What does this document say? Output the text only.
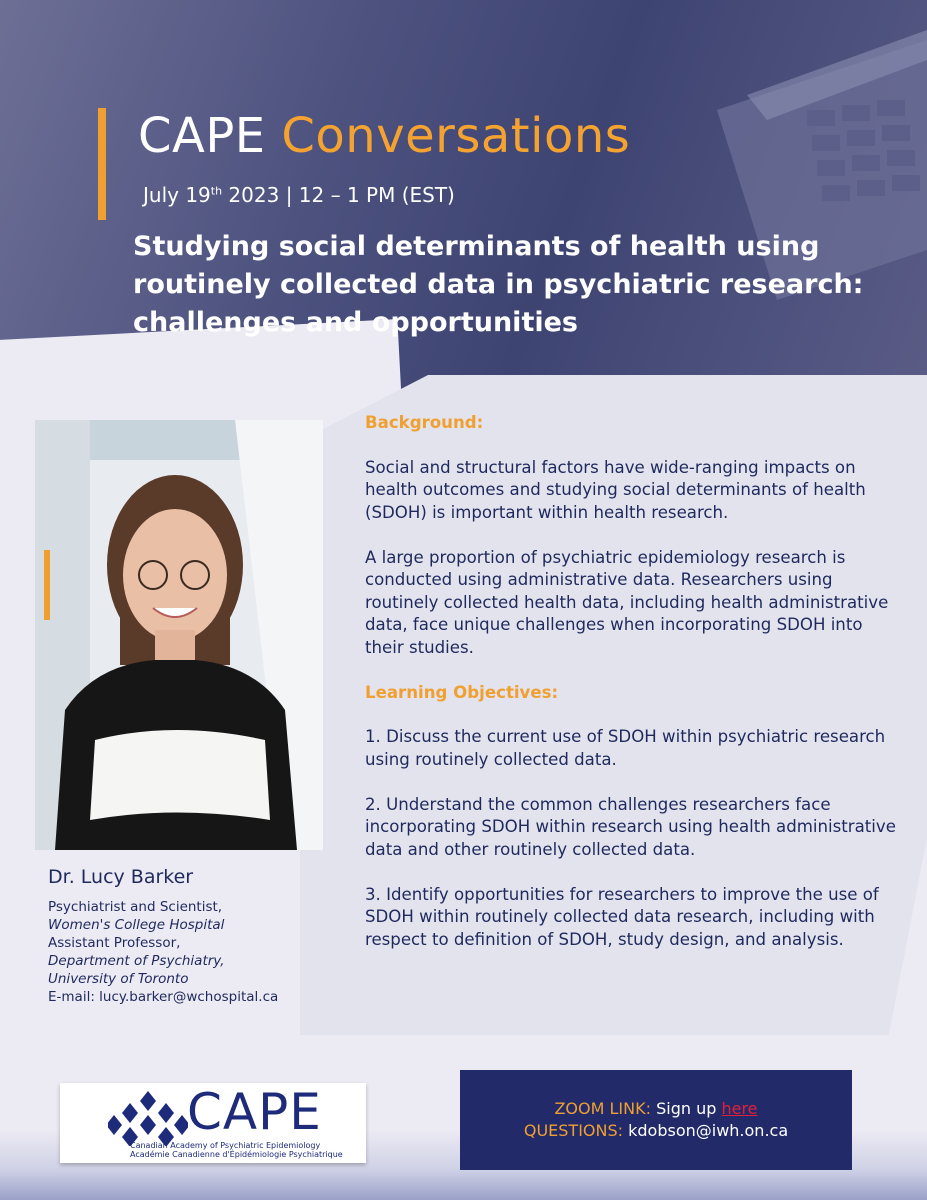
CAPE Conversations
July 19th 2023 | 12 – 1 PM (EST)
Studying social determinants of health using routinely collected data in psychiatric research: challenges and opportunities
Dr. Lucy Barker
Psychiatrist and Scientist,
Women's College Hospital
Assistant Professor,
Department of Psychiatry,
University of Toronto
E-mail: lucy.barker@wchospital.ca
Background:

Social and structural factors have wide-ranging impacts on health outcomes and studying social determinants of health (SDOH) is important within health research.

A large proportion of psychiatric epidemiology research is conducted using administrative data. Researchers using routinely collected health data, including health administrative data, face unique challenges when incorporating SDOH into their studies.

Learning Objectives:

1. Discuss the current use of SDOH within psychiatric research using routinely collected data.

2. Understand the common challenges researchers face incorporating SDOH within research using health administrative data and other routinely collected data.

3. Identify opportunities for researchers to improve the use of SDOH within routinely collected data research, including with respect to definition of SDOH, study design, and analysis.

CAPE
Canadian Academy of Psychiatric Epidemiology
Académie Canadienne d'Épidémiologie Psychiatrique
ZOOM LINK: Sign up here
QUESTIONS: kdobson@iwh.on.ca
